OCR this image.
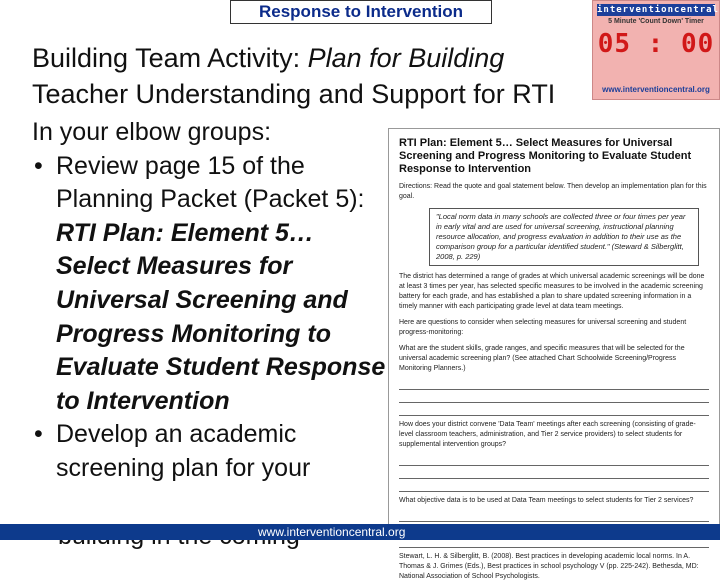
Response to Intervention
Building Team Activity: Plan for Building
Teacher Understanding and Support for RTI
interventioncentral
5 Minute 'Count Down' Timer
05 : 00
www.interventioncentral.org
In your elbow groups:
• Review page 15 of the Planning Packet (Packet 5): RTI Plan: Element 5… Select Measures for Universal Screening and Progress Monitoring to Evaluate Student Response to Intervention
• Develop an academic screening plan for your
RTI Plan: Element 5… Select Measures for Universal Screening and Progress Monitoring to Evaluate Student Response to Intervention

Directions: Read the quote and goal statement below. Then develop an implementation plan for this goal.

"Local norm data in many schools are collected three or four times per year in early vital and are used for universal screening, instructional planning resource allocation, and progress evaluation in addition to their use as the comparison group for a particular identified student." (Steward & Silberglitt, 2008, p. 229)

The district has determined a range of grades at which universal academic screenings will be done at least 3 times per year, has selected specific measures to be involved in the academic screening battery for each grade, and has established a plan to share updated screening information in a timely manner with each participating grade level at data team meetings.

Here are questions to consider when selecting measures for universal screening and student progress-monitoring:

What are the student skills, grade ranges, and specific measures that will be selected for the universal academic screening plan? (See attached Chart Schoolwide Screening/Progress Monitoring Planners.)

How does your district convene 'Data Team' meetings after each screening (consisting of grade-level classroom teachers, administration, and Tier 2 service providers) to select students for supplemental intervention groups?

What objective data is to be used at Data Team meetings to select students for Tier 2 services?

Stewart, L. H. & Silberglitt, B. (2008). Best practices in developing academic local norms. In A. Thomas & J. Grimes (Eds.), Best practices in school psychology V (pp. 225-242). Bethesda, MD: National Association of School Psychologists.

www.interventioncentral.org
